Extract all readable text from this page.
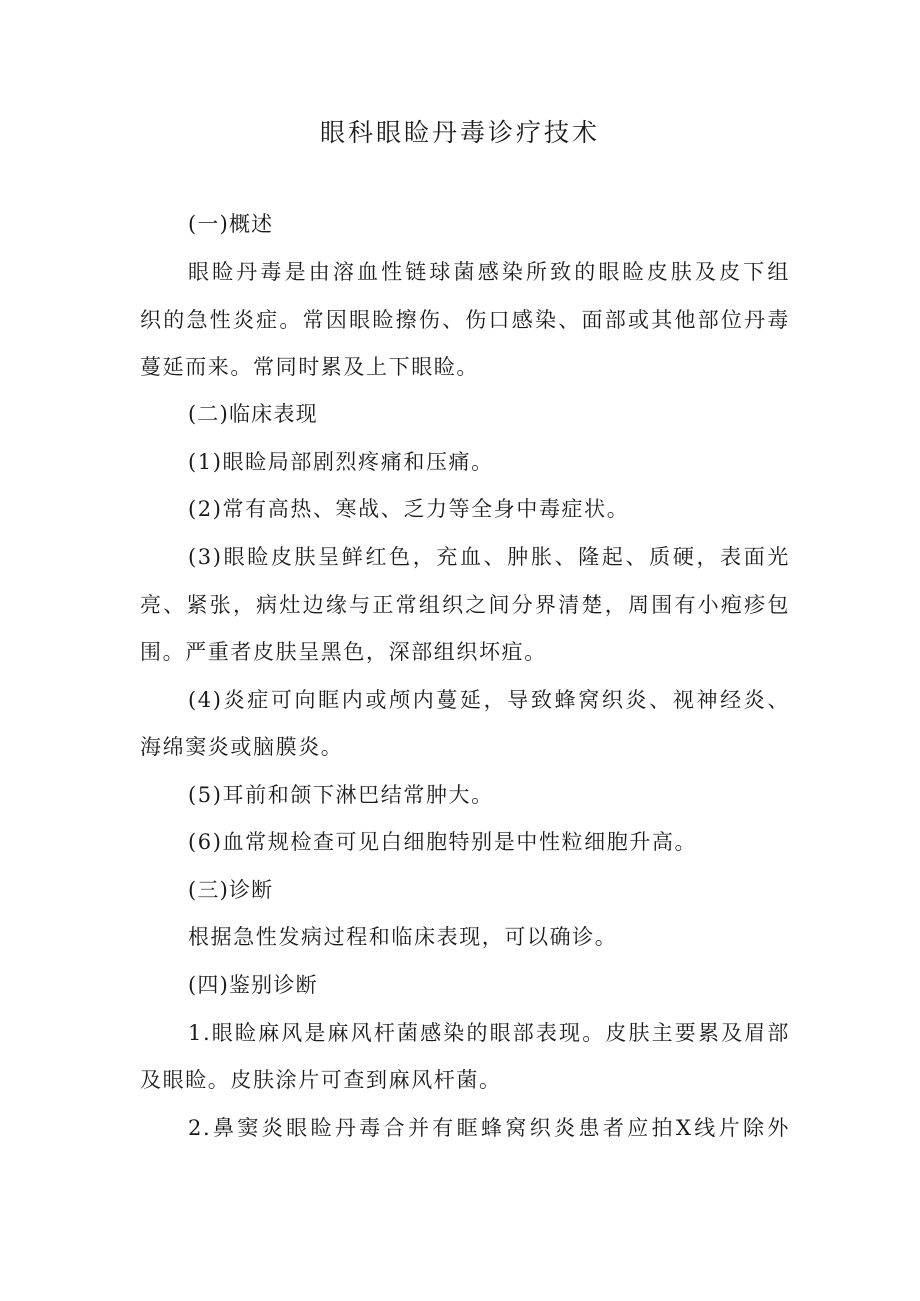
眼科眼睑丹毒诊疗技术
(一)概述
眼睑丹毒是由溶血性链球菌感染所致的眼睑皮肤及皮下组
织的急性炎症。常因眼睑擦伤、伤口感染、面部或其他部位丹毒
蔓延而来。常同时累及上下眼睑。
(二)临床表现
(1)眼睑局部剧烈疼痛和压痛。
(2)常有高热、寒战、乏力等全身中毒症状。
(3)眼睑皮肤呈鲜红色，充血、肿胀、隆起、质硬，表面光
亮、紧张，病灶边缘与正常组织之间分界清楚，周围有小疱疹包
围。严重者皮肤呈黑色，深部组织坏疽。
(4)炎症可向眶内或颅内蔓延，导致蜂窝织炎、视神经炎、
海绵窦炎或脑膜炎。
(5)耳前和颌下淋巴结常肿大。
(6)血常规检查可见白细胞特别是中性粒细胞升高。
(三)诊断
根据急性发病过程和临床表现，可以确诊。
(四)鉴别诊断
1.眼睑麻风是麻风杆菌感染的眼部表现。皮肤主要累及眉部
及眼睑。皮肤涂片可查到麻风杆菌。
2.鼻窦炎眼睑丹毒合并有眶蜂窝织炎患者应拍X线片除外
